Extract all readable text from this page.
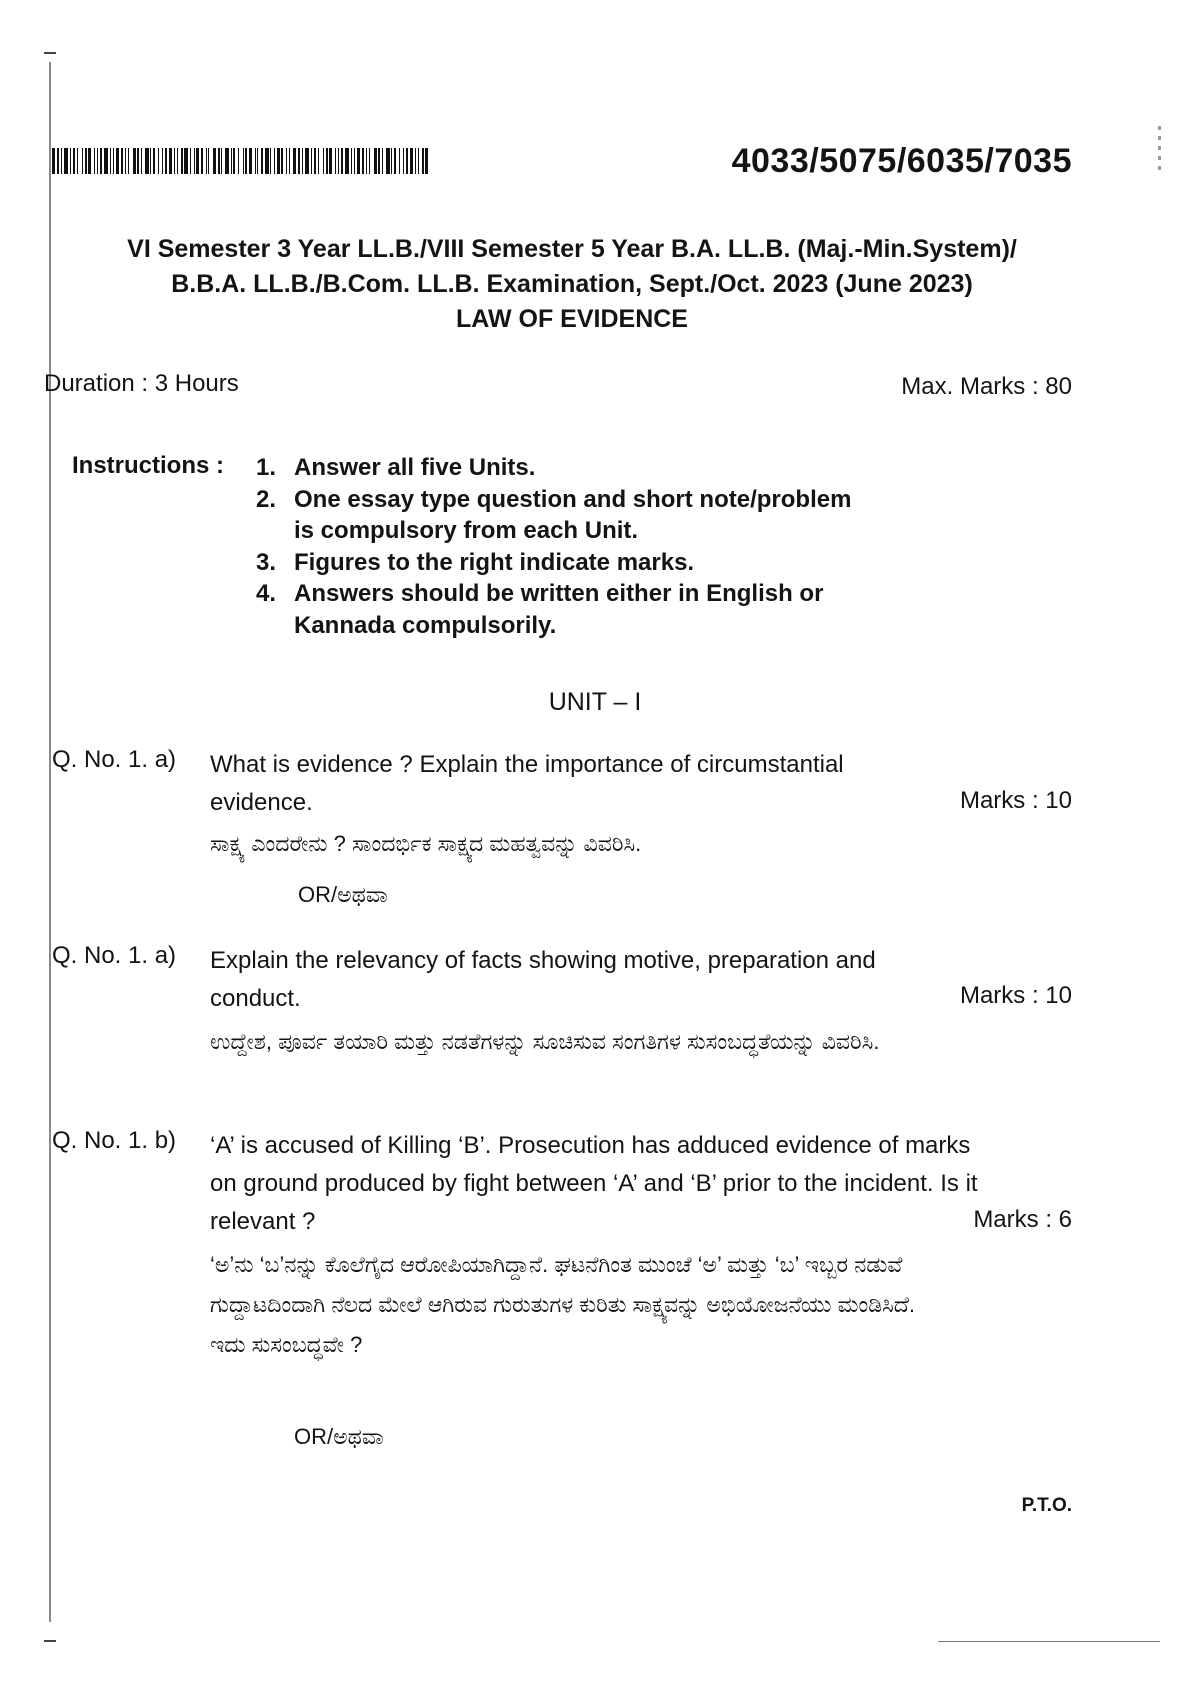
4033/5075/6035/7035
VI Semester 3 Year LL.B./VIII Semester 5 Year B.A. LL.B. (Maj.-Min.System)/
B.B.A. LL.B./B.Com. LL.B. Examination, Sept./Oct. 2023 (June 2023)
LAW OF EVIDENCE
Duration : 3 Hours	Max. Marks : 80
Instructions : 1. Answer all five Units.
2. One essay type question and short note/problem is compulsory from each Unit.
3. Figures to the right indicate marks.
4. Answers should be written either in English or Kannada compulsorily.
UNIT – I
Q. No. 1. a) What is evidence ? Explain the importance of circumstantial evidence.	Marks : 10
ಸಾಕ್ಷ್ಯ ಎಂದರೇನು ? ಸಾಂದರ್ಭಿಕ ಸಾಕ್ಷ್ಯದ ಮಹತ್ವವನ್ನು ವಿವರಿಸಿ.
OR/ಅಥವಾ
Q. No. 1. a) Explain the relevancy of facts showing motive, preparation and conduct.	Marks : 10
ಉದ್ದೇಶ, ಪೂರ್ವ ತಯಾರಿ ಮತ್ತು ನಡತೆಗಳನ್ನು ಸೂಚಿಸುವ ಸಂಗತಿಗಳ ಸುಸಂಬದ್ಧತೆಯನ್ನು ವಿವರಿಸಿ.
Q. No. 1. b) ‘A’ is accused of Killing ‘B’. Prosecution has adduced evidence of marks on ground produced by fight between ‘A’ and ‘B’ prior to the incident. Is it relevant ?	Marks : 6
‘ಅ’ನು ‘ಬ’ನನ್ನು ಕೊಲೆಗೈದ ಆರೋಪಿಯಾಗಿದ್ದಾನೆ. ಘಟನೆಗಿಂತ ಮುಂಚೆ ‘ಅ’ ಮತ್ತು ‘ಬ’ ಇಬ್ಬರ ನಡುವೆ ಗುದ್ದಾಟದಿಂದಾಗಿ ನೆಲದ ಮೇಲೆ ಆಗಿರುವ ಗುರುತುಗಳ ಕುರಿತು ಸಾಕ್ಷ್ಯವನ್ನು ಅಭಿಯೋಜನೆಯು ಮಂಡಿಸಿದೆ. ಇದು ಸುಸಂಬದ್ಧವೇ ?
OR/ಅಥವಾ
P.T.O.
